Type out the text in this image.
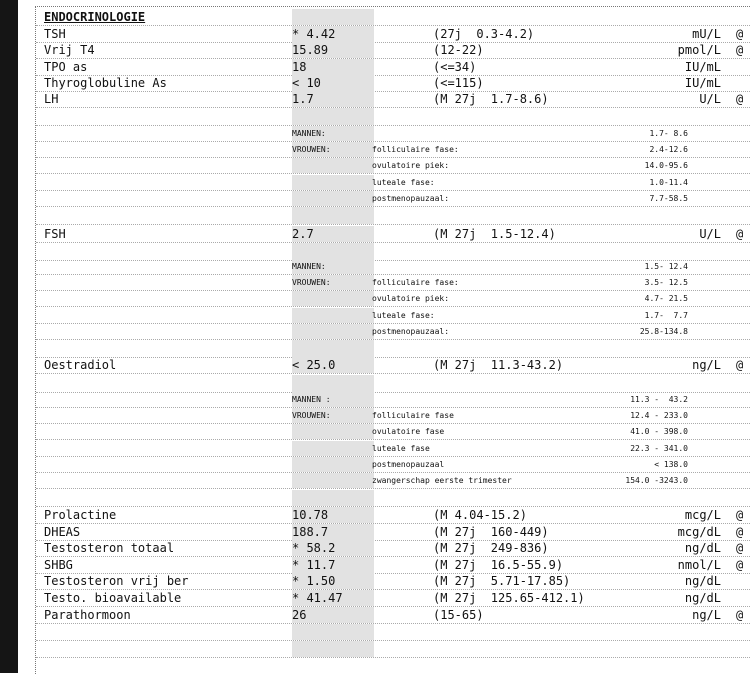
ENDOCRINOLOGIE
TSH	* 4.42	(27j  0.3-4.2)	mU/L @
Vrij T4	15.89	(12-22)	pmol/L @
TPO as	18	(<=34)	IU/mL
Thyroglobuline As	< 10	(<=115)	IU/mL
LH	1.7	(M 27j  1.7-8.6)	U/L @
MANNEN:	1.7- 8.6
VROUWEN:	folliculaire fase:	2.4-12.6
ovulatoire piek:	14.0-95.6
luteale fase:	1.0-11.4
postmenopauzaal:	7.7-58.5
FSH	2.7	(M 27j  1.5-12.4)	U/L @
MANNEN:	1.5- 12.4
VROUWEN:	folliculaire fase:	3.5- 12.5
ovulatoire piek:	4.7- 21.5
luteale fase:	1.7-  7.7
postmenopauzaal:	25.8-134.8
Oestradiol	< 25.0	(M 27j  11.3-43.2)	ng/L @
MANNEN :	11.3 -  43.2
VROUWEN:	folliculaire fase	12.4 - 233.0
ovulatoire fase	41.0 - 398.0
luteale fase	22.3 - 341.0
postmenopauzaal	< 138.0
zwangerschap eerste trimester	154.0 -3243.0
Prolactine	10.78	(M 4.04-15.2)	mcg/L @
DHEAS	188.7	(M 27j  160-449)	mcg/dL @
Testosteron totaal	* 58.2	(M 27j  249-836)	ng/dL @
SHBG	* 11.7	(M 27j  16.5-55.9)	nmol/L @
Testosteron vrij ber	* 1.50	(M 27j  5.71-17.85)	ng/dL
Testo. bioavailable	* 41.47	(M 27j  125.65-412.1)	ng/dL
Parathormoon	26	(15-65)	ng/L @
